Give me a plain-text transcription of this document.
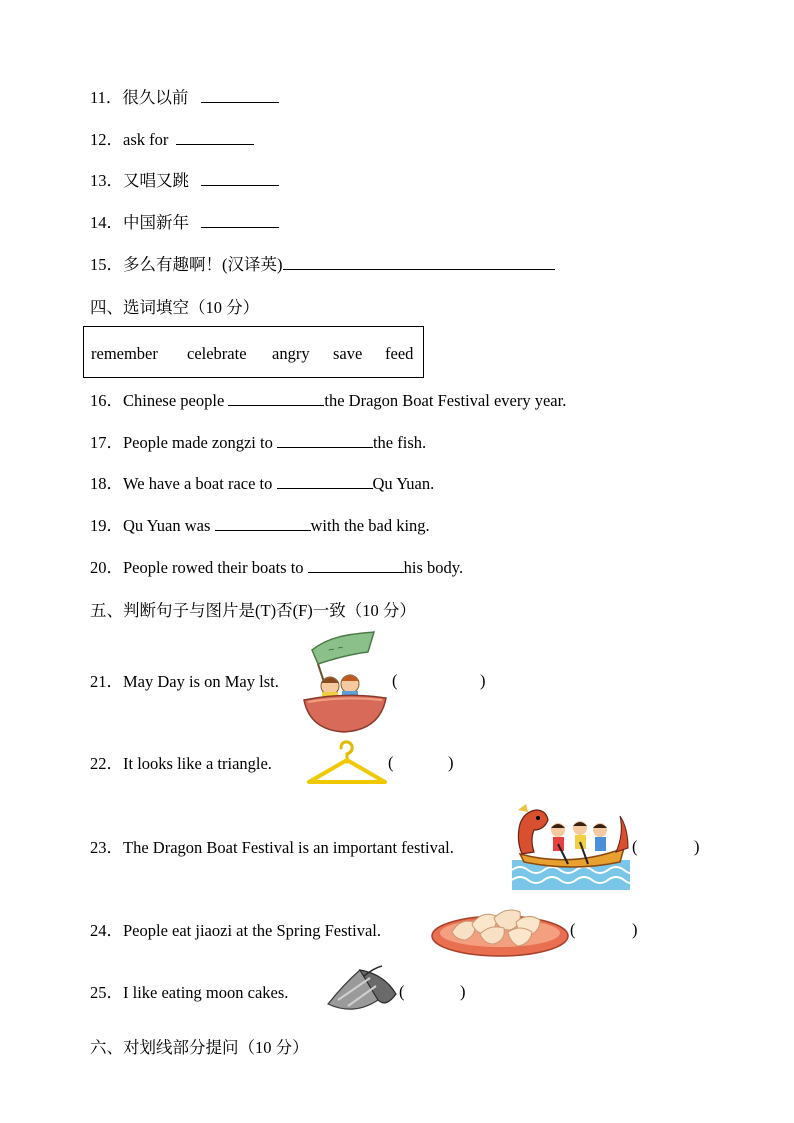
11．很久以前
12．ask for
13．又唱又跳
14．中国新年
15．多么有趣啊！(汉译英)
四、选词填空（10 分）
remember celebrate angry save feed
16．Chinese people	the Dragon Boat Festival every year.
17．People made zongzi to	the fish.
18．We have a boat race to	Qu Yuan.
19．Qu Yuan was	with the bad king.
20．People rowed their boats to	his body.
五、判断句子与图片是(T)否(F)一致（10 分）
21．May Day is on May lst.
~ ~
(	)
22．It looks like a triangle.	(	)
23．The Dragon Boat Festival is an important festival.	(	)
24．People eat jiaozi at the Spring Festival.	(	)
25．I like eating moon cakes.	(	)
六、对划线部分提问（10 分）
